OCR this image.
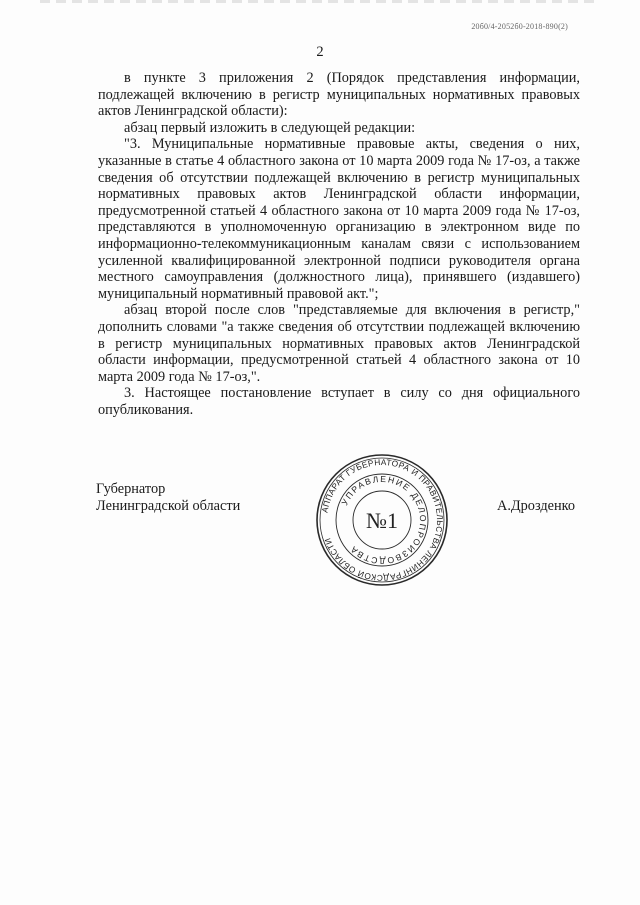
20б0/4-2052б0-2018-890(2)
2

в пункте 3 приложения 2 (Порядок представления информации, подлежащей включению в регистр муниципальных нормативных правовых актов Ленинградской области):

абзац первый изложить в следующей редакции:

"3. Муниципальные нормативные правовые акты, сведения о них, указанные в статье 4 областного закона от 10 марта 2009 года № 17-оз, а также сведения об отсутствии подлежащей включению в регистр муниципальных нормативных правовых актов Ленинградской области информации, предусмотренной статьей 4 областного закона от 10 марта 2009 года № 17-оз, представляются в уполномоченную организацию в электронном виде по информационно-телекоммуникационным каналам связи с использованием усиленной квалифицированной электронной подписи руководителя органа местного самоуправления (должностного лица), принявшего (издавшего) муниципальный нормативный правовой акт.";

абзац второй после слов "представляемые для включения в регистр," дополнить словами "а также сведения об отсутствии подлежащей включению в регистр муниципальных нормативных правовых актов Ленинградской области информации, предусмотренной статьей 4 областного закона от 10 марта 2009 года № 17-оз,".

3. Настоящее постановление вступает в силу со дня официального опубликования.

Губернатор
Ленинградской области	АППАРАТ ГУБЕРНАТОРА И ПРАВИТЕЛЬСТВА ЛЕНИНГРАДСКОЙ ОБЛАСТИ
УПРАВЛЕНИЕ ДЕЛОПРОИЗВОДСТВА
№1
А.Дрозденко
